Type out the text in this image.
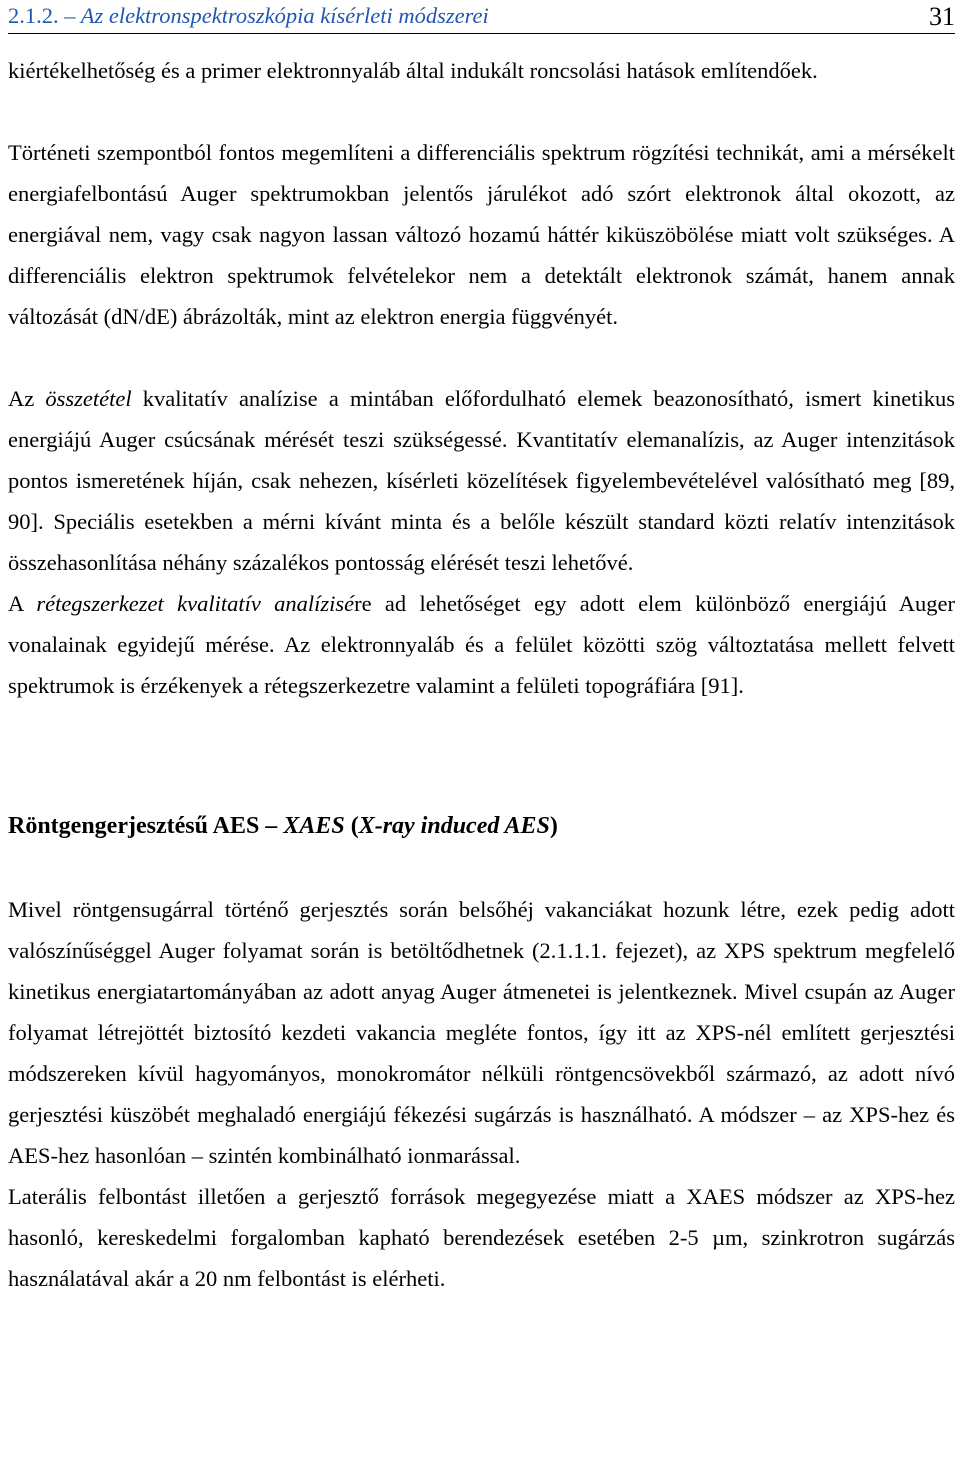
2.1.2. – Az elektronspektroszkópia kísérleti módszerei	31

kiértékelhetőség és a primer elektronnyaláb által indukált roncsolási hatások említendőek.

Történeti szempontból fontos megemlíteni a differenciális spektrum rögzítési technikát, ami a mérsékelt energiafelbontású Auger spektrumokban jelentős járulékot adó szórt elektronok által okozott, az energiával nem, vagy csak nagyon lassan változó hozamú háttér kiküszöbölése miatt volt szükséges. A differenciális elektron spektrumok felvételekor nem a detektált elektronok számát, hanem annak változását (dN/dE) ábrázolták, mint az elektron energia függvényét.

Az összetétel kvalitatív analízise a mintában előfordulható elemek beazonosítható, ismert kinetikus energiájú Auger csúcsának mérését teszi szükségessé. Kvantitatív elemanalízis, az Auger intenzitások pontos ismeretének híján, csak nehezen, kísérleti közelítések figyelembevételével valósítható meg [89, 90]. Speciális esetekben a mérni kívánt minta és a belőle készült standard közti relatív intenzitások összehasonlítása néhány százalékos pontosság elérését teszi lehetővé.

A rétegszerkezet kvalitatív analízisére ad lehetőséget egy adott elem különböző energiájú Auger vonalainak egyidejű mérése. Az elektronnyaláb és a felület közötti szög változtatása mellett felvett spektrumok is érzékenyek a rétegszerkezetre valamint a felületi topográfiára [91].

Röntgengerjesztésű AES – XAES (X-ray induced AES)

Mivel röntgensugárral történő gerjesztés során belsőhéj vakanciákat hozunk létre, ezek pedig adott valószínűséggel Auger folyamat során is betöltődhetnek (2.1.1.1. fejezet), az XPS spektrum megfelelő kinetikus energiatartományában az adott anyag Auger átmenetei is jelentkeznek. Mivel csupán az Auger folyamat létrejöttét biztosító kezdeti vakancia megléte fontos, így itt az XPS-nél említett gerjesztési módszereken kívül hagyományos, monokromátor nélküli röntgencsövekből származó, az adott nívó gerjesztési küszöbét meghaladó energiájú fékezési sugárzás is használható. A módszer – az XPS-hez és AES-hez hasonlóan – szintén kombinálható ionmarással.

Laterális felbontást illetően a gerjesztő források megegyezése miatt a XAES módszer az XPS-hez hasonló, kereskedelmi forgalomban kapható berendezések esetében 2-5 µm, szinkrotron sugárzás használatával akár a 20 nm felbontást is elérheti.
